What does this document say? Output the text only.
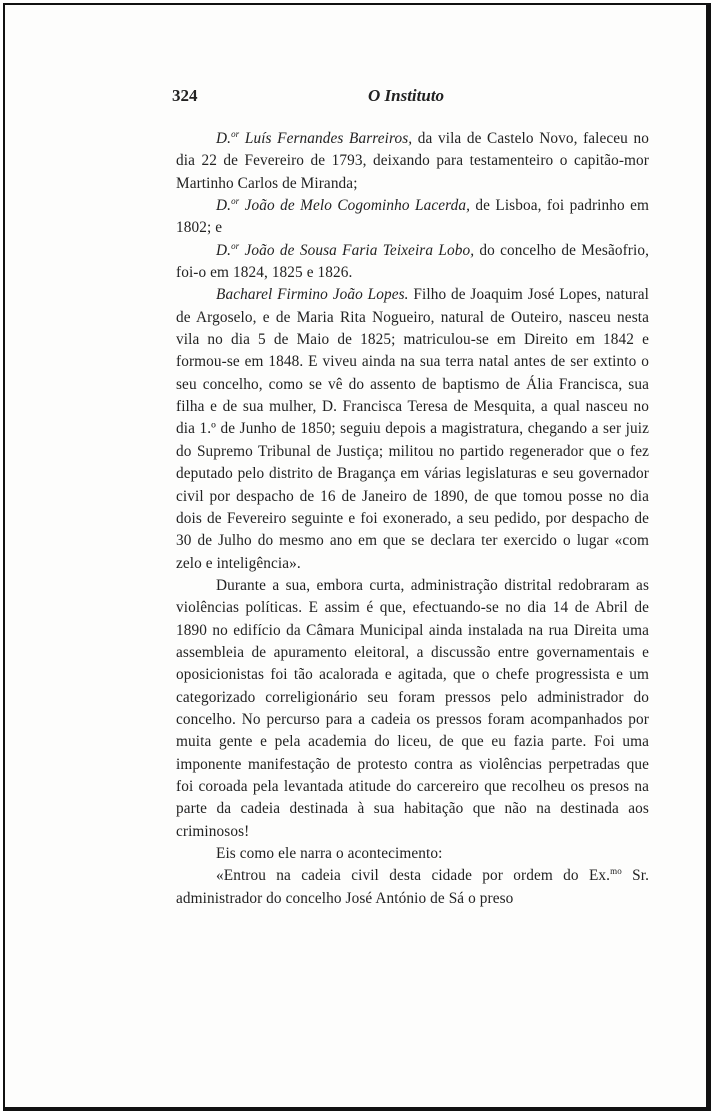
324	O Instituto

D.$^{or}$ Luís Fernandes Barreiros, da vila de Castelo Novo, faleceu no dia 22 de Fevereiro de 1793, deixando para testamenteiro o capitão-mor Martinho Carlos de Miranda;

D.$^{or}$ João de Melo Cogominho Lacerda, de Lisboa, foi padrinho em 1802; e

D.$^{or}$ João de Sousa Faria Teixeira Lobo, do concelho de Mesãofrio, foi-o em 1824, 1825 e 1826.

Bacharel Firmino João Lopes. Filho de Joaquim José Lopes, natural de Argoselo, e de Maria Rita Nogueiro, natural de Outeiro, nasceu nesta vila no dia 5 de Maio de 1825; matriculou-se em Direito em 1842 e formou-se em 1848. E viveu ainda na sua terra natal antes de ser extinto o seu concelho, como se vê do assento de baptismo de Ália Francisca, sua filha e de sua mulher, D. Francisca Teresa de Mesquita, a qual nasceu no dia 1.º de Junho de 1850; seguiu depois a magistratura, chegando a ser juiz do Supremo Tribunal de Justiça; militou no partido regenerador que o fez deputado pelo distrito de Bragança em várias legislaturas e seu governador civil por despacho de 16 de Janeiro de 1890, de que tomou posse no dia dois de Fevereiro seguinte e foi exonerado, a seu pedido, por despacho de 30 de Julho do mesmo ano em que se declara ter exercido o lugar «com zelo e inteligência».

Durante a sua, embora curta, administração distrital redobraram as violências políticas. E assim é que, efectuando-se no dia 14 de Abril de 1890 no edifício da Câmara Municipal ainda instalada na rua Direita uma assembleia de apuramento eleitoral, a discussão entre governamentais e oposicionistas foi tão acalorada e agitada, que o chefe progressista e um categorizado correligionário seu foram pressos pelo administrador do concelho. No percurso para a cadeia os pressos foram acompanhados por muita gente e pela academia do liceu, de que eu fazia parte. Foi uma imponente manifestação de protesto contra as violências perpetradas que foi coroada pela levantada atitude do carcereiro que recolheu os presos na parte da cadeia destinada à sua habitação que não na destinada aos criminosos!

Eis como ele narra o acontecimento:

«Entrou na cadeia civil desta cidade por ordem do Ex.$^{mo}$ Sr. administrador do concelho José António de Sá o preso
